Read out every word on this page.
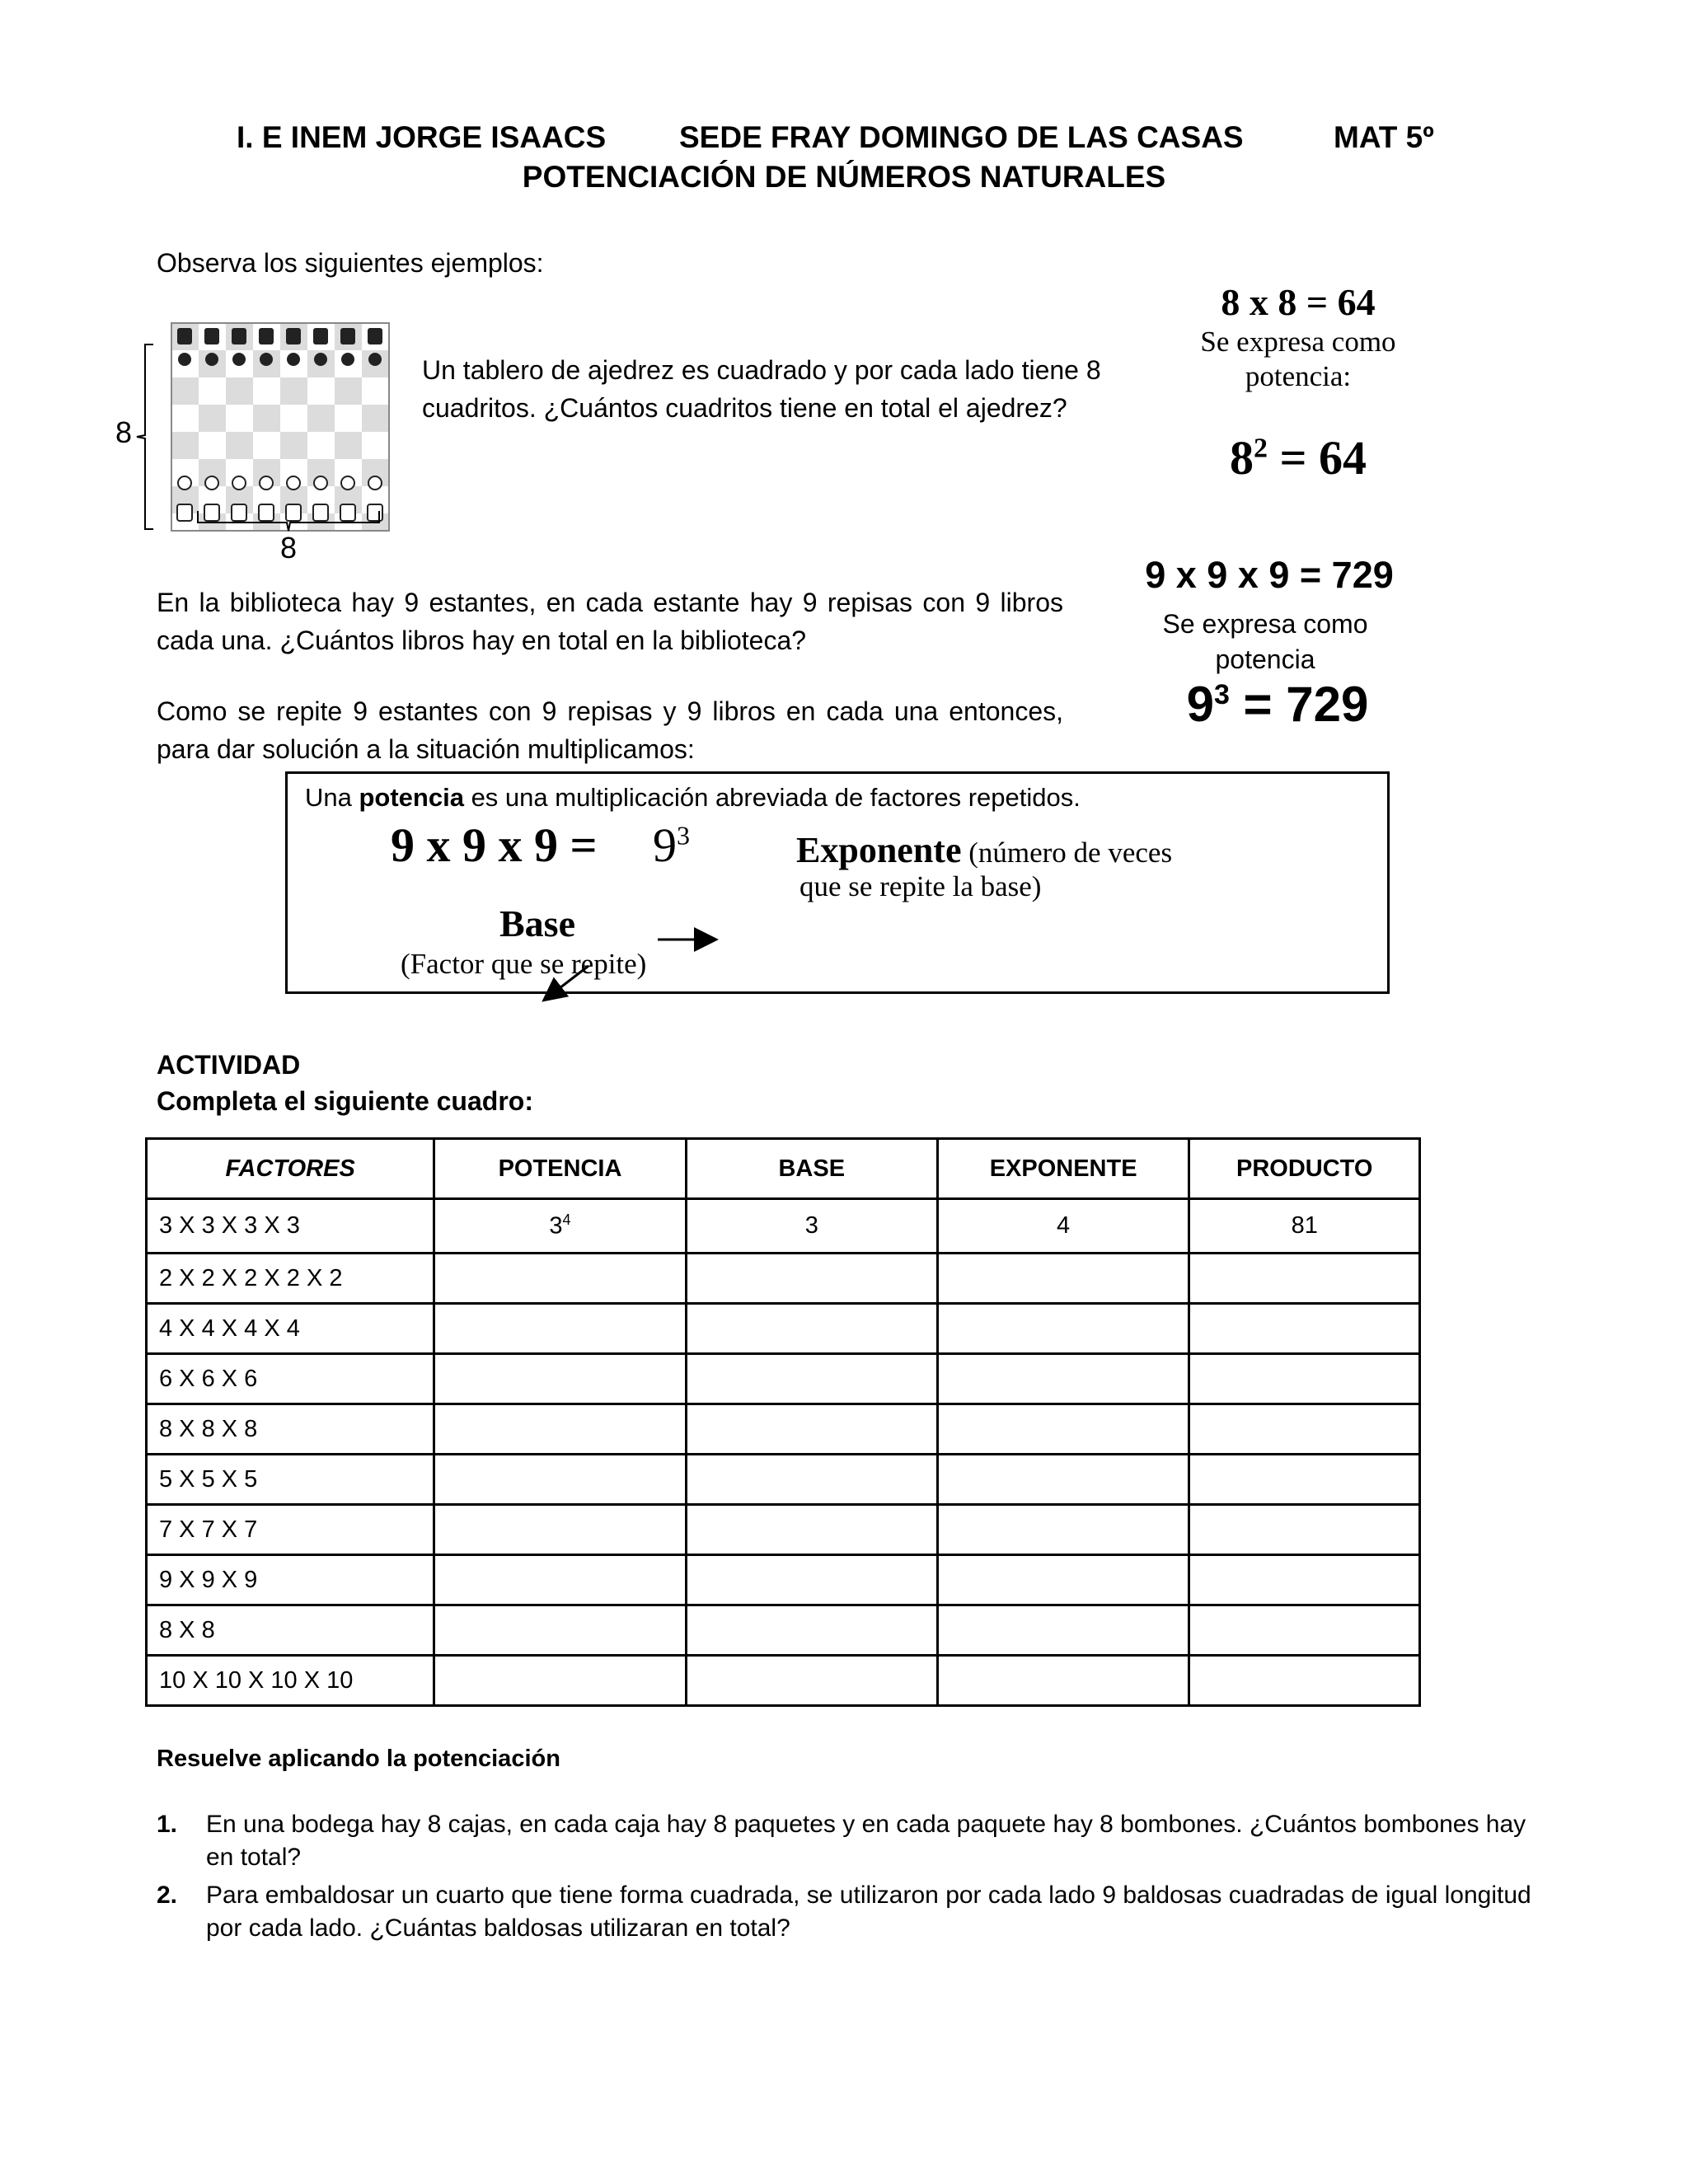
I. E INEM JORGE ISAACS SEDE FRAY DOMINGO DE LAS CASAS	MAT 5º
POTENCIACIÓN DE NÚMEROS NATURALES
Observa los siguientes ejemplos:
8
8
Un tablero de ajedrez es cuadrado y por cada lado tiene 8 cuadritos. ¿Cuántos cuadritos tiene en total el ajedrez?
8 x 8 = 64
Se expresa como potencia:
$8^2 = 64$
9 x 9 x 9 = 729
Se expresa como potencia
$9^3 = 729$
En la biblioteca hay 9 estantes, en cada estante hay 9 repisas con 9 libros cada una. ¿Cuántos libros hay en total en la biblioteca?
Como se repite 9 estantes con 9 repisas y 9 libros en cada una entonces, para dar solución a la situación multiplicamos:
Una potencia es una multiplicación abreviada de factores repetidos.
9 x 9 x $9 = 9^3$	Exponente (número de veces
que se repite la base)
Base
(Factor que se repite)
ACTIVIDAD
Completa el siguiente cuadro:
FACTORES	POTENCIA	BASE	EXPONENTE	PRODUCTO
3 X 3 X 3 X 3	$3^4$	3	4	81
2 X 2 X 2 X 2 X 2				
4 X 4 X 4 X 4				
6 X 6 X 6				
8 X 8 X 8				
5 X 5 X 5				
7 X 7 X 7				
9 X 9 X 9				
8 X 8				
10 X 10 X 10 X 10				
Resuelve aplicando la potenciación
1. En una bodega hay 8 cajas, en cada caja hay 8 paquetes y en cada paquete hay 8 bombones. ¿Cuántos bombones hay en total?
2. Para embaldosar un cuarto que tiene forma cuadrada, se utilizaron por cada lado 9 baldosas cuadradas de igual longitud por cada lado. ¿Cuántas baldosas utilizaran en total?
